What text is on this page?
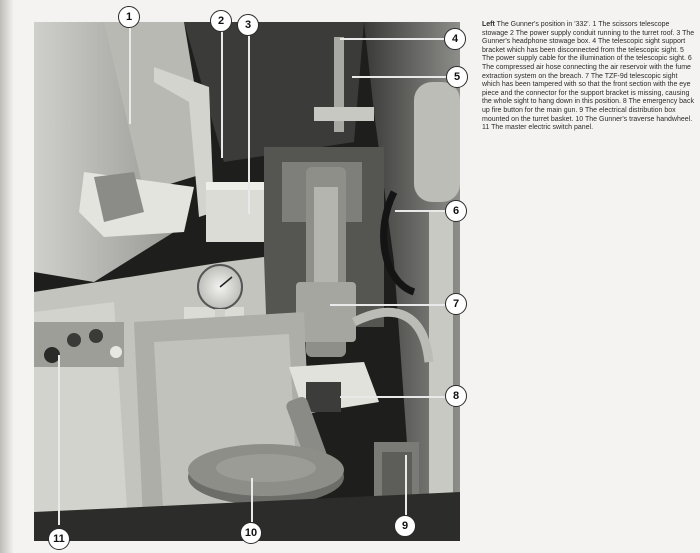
1	2	3
4
5
6
7
8
9
10
11
Left The Gunner's position in '332'. 1 The scissors telescope stowage 2 The power supply conduit running to the turret roof. 3 The Gunner's headphone stowage box. 4 The telescopic sight support bracket which has been disconnected from the telescopic sight. 5 The power supply cable for the illumination of the telescopic sight. 6 The compressed air hose connecting the air reservoir with the fume extraction system on the breach. 7 The TZF-9d telescopic sight which has been tampered with so that the front section with the eye piece and the connector for the support bracket is missing, causing the whole sight to hang down in this position. 8 The emergency back up fire button for the main gun. 9 The electrical distribution box mounted on the turret basket. 10 The Gunner's traverse handwheel. 11 The master electric switch panel.
